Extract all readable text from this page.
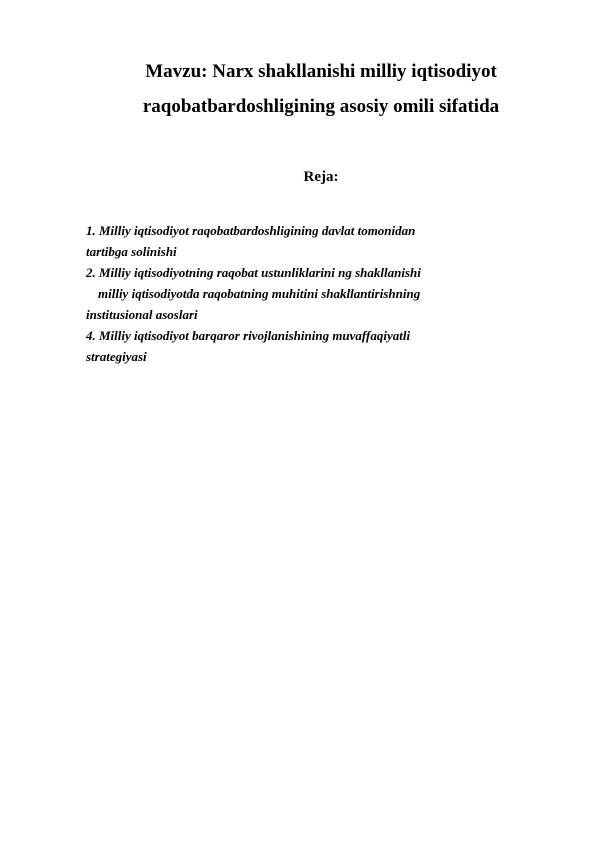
Mavzu: Narx shakllanishi milliy iqtisodiyot
raqobatbardoshligining asosiy omili sifatida
Reja:
1. Milliy iqtisodiyot raqobatbardoshligining davlat tomonidan
tartibga solinishi
2. Milliy iqtisodiyotning raqobat ustunliklarini ng shakllanishi
milliy iqtisodiyotda raqobatning muhitini shakllantirishning
institusional asoslari
4. Milliy iqtisodiyot barqaror rivojlanishining muvaffaqiyatli
strategiyasi
